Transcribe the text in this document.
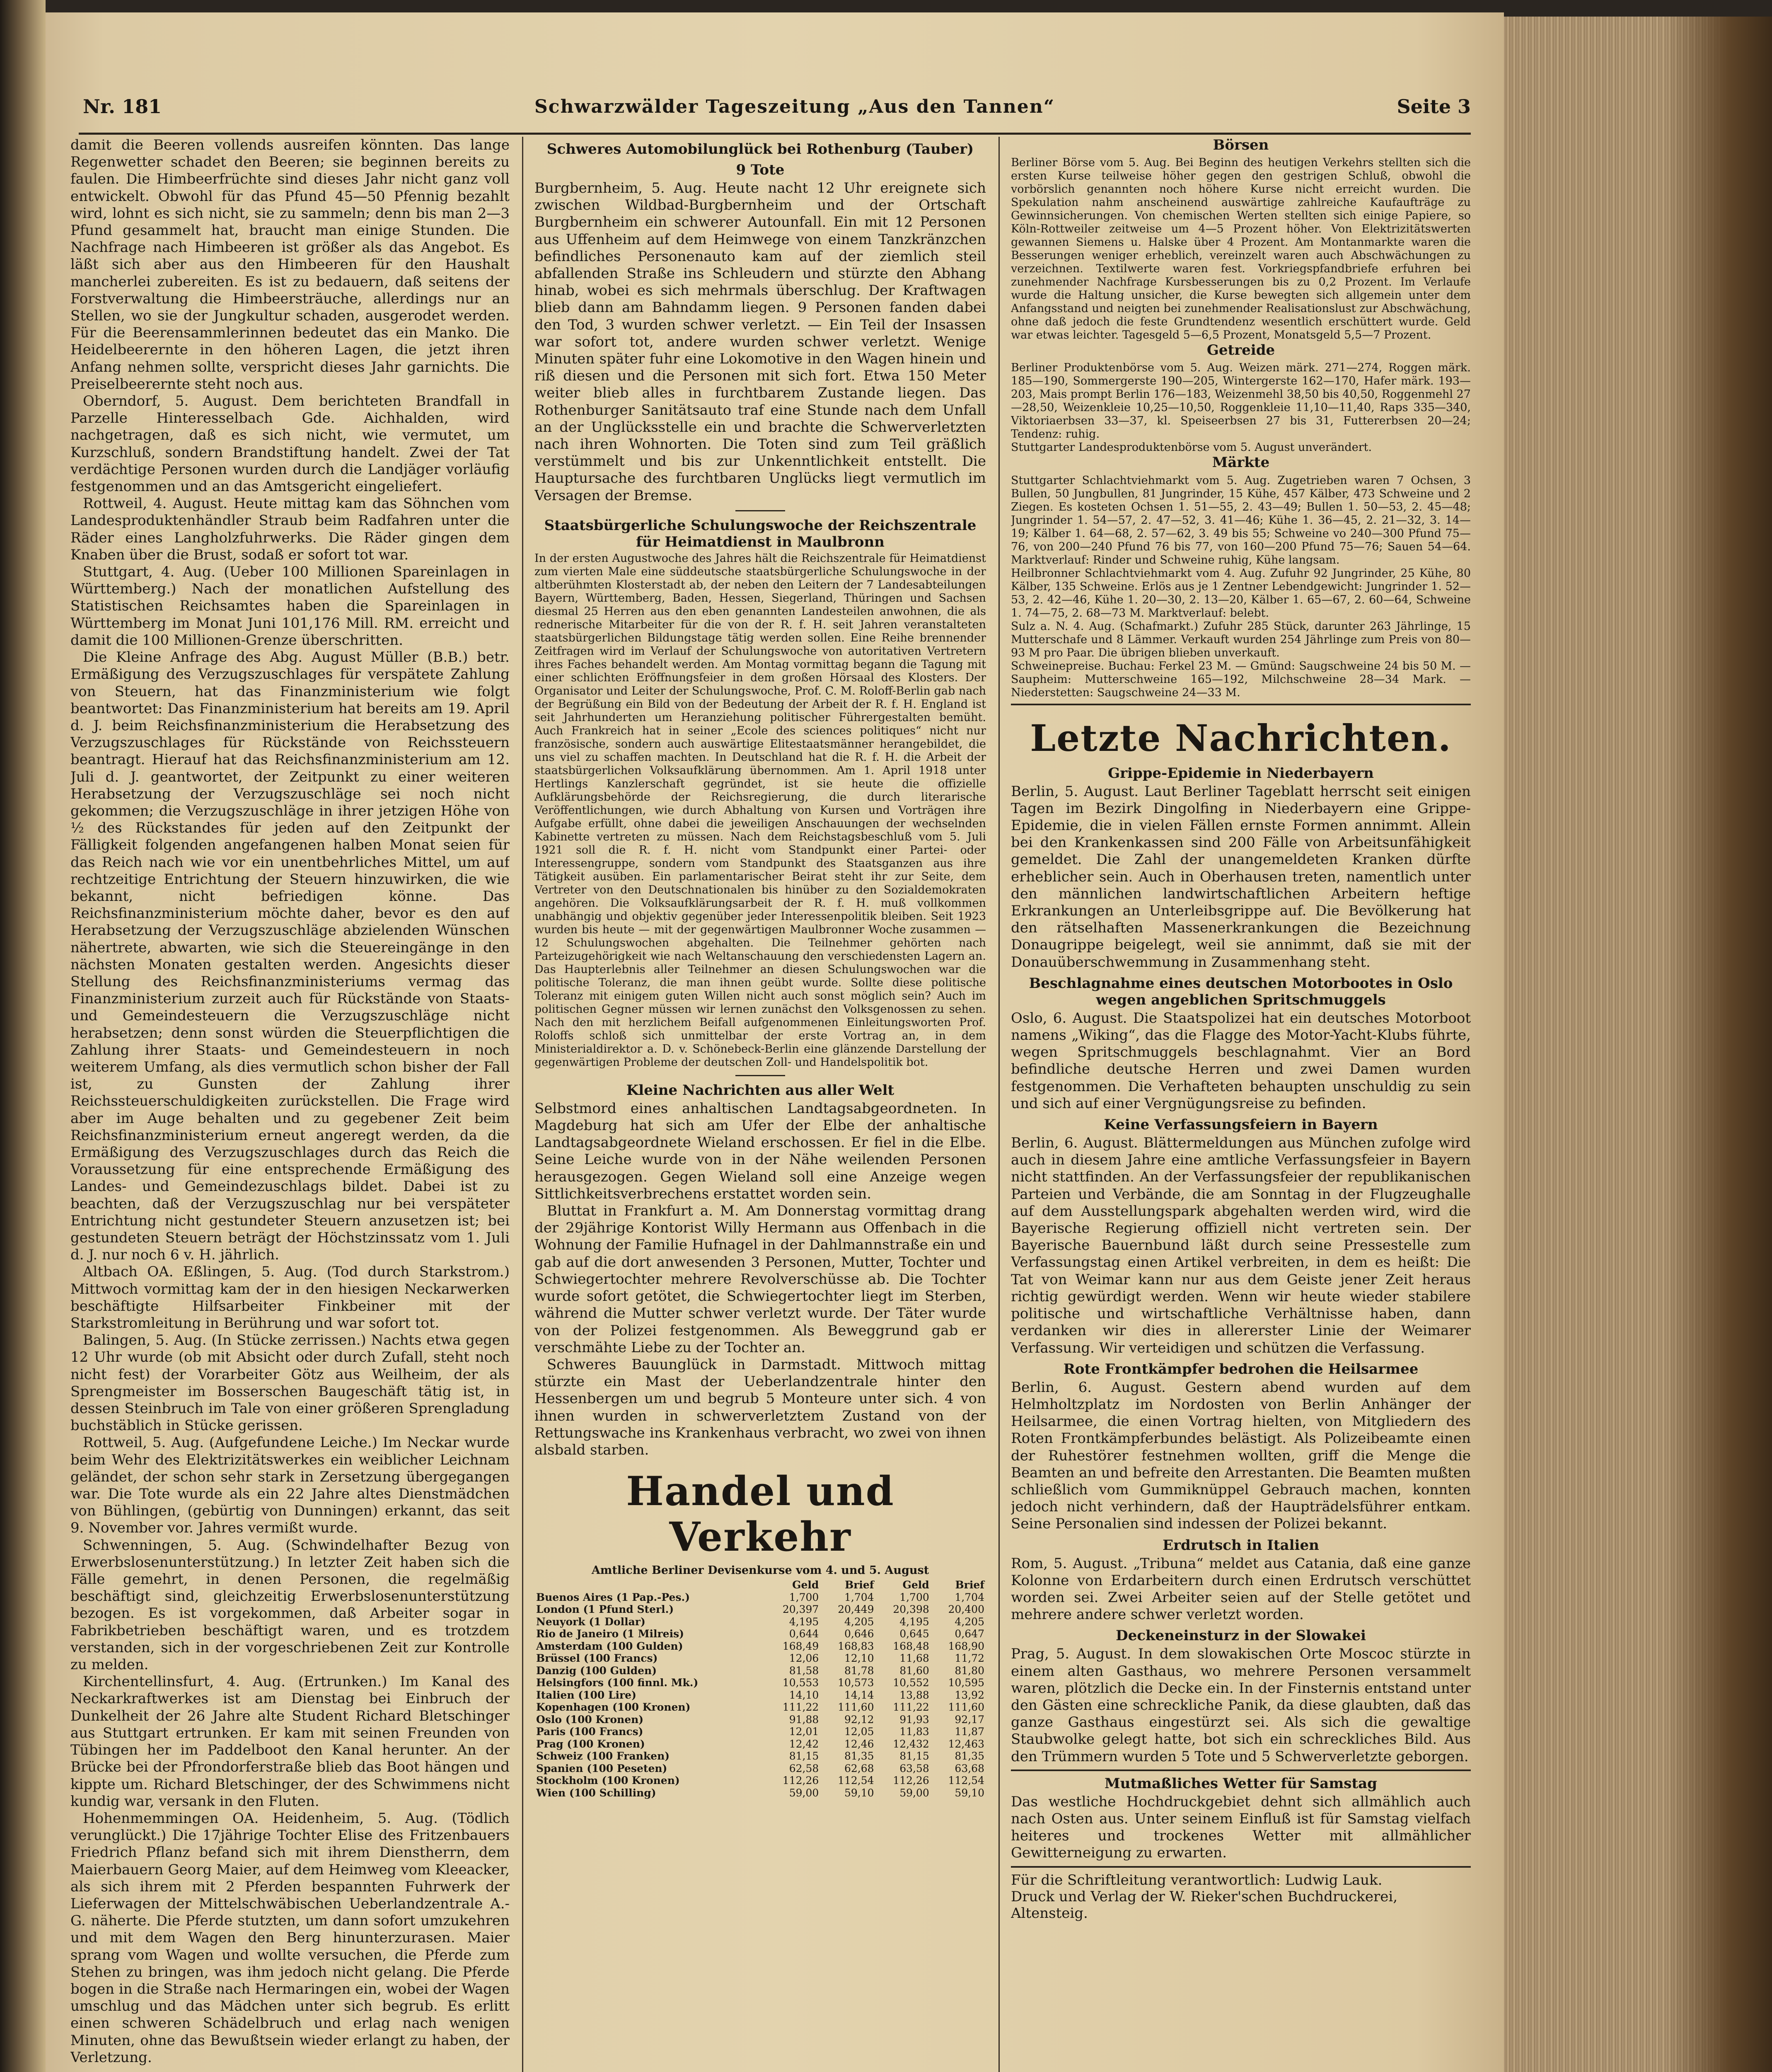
Nr. 181	Schwarzwälder Tageszeitung „Aus den Tannen“	Seite 3

damit die Beeren vollends ausreifen könnten. Das lange Regenwetter schadet den Beeren; sie beginnen bereits zu faulen. Die Himbeerfrüchte sind dieses Jahr nicht ganz voll entwickelt. Obwohl für das Pfund 45—50 Pfennig bezahlt wird, lohnt es sich nicht, sie zu sammeln; denn bis man 2—3 Pfund gesammelt hat, braucht man einige Stunden. Die Nachfrage nach Himbeeren ist größer als das Angebot. Es läßt sich aber aus den Himbeeren für den Haushalt mancherlei zubereiten. Es ist zu bedauern, daß seitens der Forstverwaltung die Himbeersträuche, allerdings nur an Stellen, wo sie der Jungkultur schaden, ausgerodet werden. Für die Beerensammlerinnen bedeutet das ein Manko. Die Heidelbeerernte in den höheren Lagen, die jetzt ihren Anfang nehmen sollte, verspricht dieses Jahr garnichts. Die Preiselbeerernte steht noch aus.

Oberndorf, 5. August. Dem berichteten Brandfall in Parzelle Hinteresselbach Gde. Aichhalden, wird nachgetragen, daß es sich nicht, wie vermutet, um Kurzschluß, sondern Brandstiftung handelt. Zwei der Tat verdächtige Personen wurden durch die Landjäger vorläufig festgenommen und an das Amtsgericht eingeliefert.

Rottweil, 4. August. Heute mittag kam das Söhnchen vom Landesproduktenhändler Straub beim Radfahren unter die Räder eines Langholzfuhrwerks. Die Räder gingen dem Knaben über die Brust, sodaß er sofort tot war.

Stuttgart, 4. Aug. (Ueber 100 Millionen Spareinlagen in Württemberg.) Nach der monatlichen Aufstellung des Statistischen Reichsamtes haben die Spareinlagen in Württemberg im Monat Juni 101,176 Mill. RM. erreicht und damit die 100 Millionen-Grenze überschritten.

Die Kleine Anfrage des Abg. August Müller (B.B.) betr. Ermäßigung des Verzugszuschlages für verspätete Zahlung von Steuern, hat das Finanzministerium wie folgt beantwortet: Das Finanzministerium hat bereits am 19. April d. J. beim Reichsfinanzministerium die Herabsetzung des Verzugszuschlages für Rückstände von Reichssteuern beantragt. Hierauf hat das Reichsfinanzministerium am 12. Juli d. J. geantwortet, der Zeitpunkt zu einer weiteren Herabsetzung der Verzugszuschläge sei noch nicht gekommen; die Verzugszuschläge in ihrer jetzigen Höhe von ½ des Rückstandes für jeden auf den Zeitpunkt der Fälligkeit folgenden angefangenen halben Monat seien für das Reich nach wie vor ein unentbehrliches Mittel, um auf rechtzeitige Entrichtung der Steuern hinzuwirken, die wie bekannt, nicht befriedigen könne. Das Reichsfinanzministerium möchte daher, bevor es den auf Herabsetzung der Verzugszuschläge abzielenden Wünschen nähertrete, abwarten, wie sich die Steuereingänge in den nächsten Monaten gestalten werden. Angesichts dieser Stellung des Reichsfinanzministeriums vermag das Finanzministerium zurzeit auch für Rückstände von Staats- und Gemeindesteuern die Verzugszuschläge nicht herabsetzen; denn sonst würden die Steuerpflichtigen die Zahlung ihrer Staats- und Gemeindesteuern in noch weiterem Umfang, als dies vermutlich schon bisher der Fall ist, zu Gunsten der Zahlung ihrer Reichssteuerschuldigkeiten zurückstellen. Die Frage wird aber im Auge behalten und zu gegebener Zeit beim Reichsfinanzministerium erneut angeregt werden, da die Ermäßigung des Verzugszuschlages durch das Reich die Voraussetzung für eine entsprechende Ermäßigung des Landes- und Gemeindezuschlags bildet. Dabei ist zu beachten, daß der Verzugszuschlag nur bei verspäteter Entrichtung nicht gestundeter Steuern anzusetzen ist; bei gestundeten Steuern beträgt der Höchstzinssatz vom 1. Juli d. J. nur noch 6 v. H. jährlich.

Altbach OA. Eßlingen, 5. Aug. (Tod durch Starkstrom.) Mittwoch vormittag kam der in den hiesigen Neckarwerken beschäftigte Hilfsarbeiter Finkbeiner mit der Starkstromleitung in Berührung und war sofort tot.

Balingen, 5. Aug. (In Stücke zerrissen.) Nachts etwa gegen 12 Uhr wurde (ob mit Absicht oder durch Zufall, steht noch nicht fest) der Vorarbeiter Götz aus Weilheim, der als Sprengmeister im Bosserschen Baugeschäft tätig ist, in dessen Steinbruch im Tale von einer größeren Sprengladung buchstäblich in Stücke gerissen.

Rottweil, 5. Aug. (Aufgefundene Leiche.) Im Neckar wurde beim Wehr des Elektrizitätswerkes ein weiblicher Leichnam geländet, der schon sehr stark in Zersetzung übergegangen war. Die Tote wurde als ein 22 Jahre altes Dienstmädchen von Bühlingen, (gebürtig von Dunningen) erkannt, das seit 9. November vor. Jahres vermißt wurde.

Schwenningen, 5. Aug. (Schwindelhafter Bezug von Erwerbslosenunterstützung.) In letzter Zeit haben sich die Fälle gemehrt, in denen Personen, die regelmäßig beschäftigt sind, gleichzeitig Erwerbslosenunterstützung bezogen. Es ist vorgekommen, daß Arbeiter sogar in Fabrikbetrieben beschäftigt waren, und es trotzdem verstanden, sich in der vorgeschriebenen Zeit zur Kontrolle zu melden.

Kirchentellinsfurt, 4. Aug. (Ertrunken.) Im Kanal des Neckarkraftwerkes ist am Dienstag bei Einbruch der Dunkelheit der 26 Jahre alte Student Richard Bletschinger aus Stuttgart ertrunken. Er kam mit seinen Freunden von Tübingen her im Paddelboot den Kanal herunter. An der Brücke bei der Pfrondorferstraße blieb das Boot hängen und kippte um. Richard Bletschinger, der des Schwimmens nicht kundig war, versank in den Fluten.

Hohenmemmingen OA. Heidenheim, 5. Aug. (Tödlich verunglückt.) Die 17jährige Tochter Elise des Fritzenbauers Friedrich Pflanz befand sich mit ihrem Dienstherrn, dem Maierbauern Georg Maier, auf dem Heimweg vom Kleeacker, als sich ihrem mit 2 Pferden bespannten Fuhrwerk der Lieferwagen der Mittelschwäbischen Ueberlandzentrale A.-G. näherte. Die Pferde stutzten, um dann sofort umzukehren und mit dem Wagen den Berg hinunterzurasen. Maier sprang vom Wagen und wollte versuchen, die Pferde zum Stehen zu bringen, was ihm jedoch nicht gelang. Die Pferde bogen in die Straße nach Hermaringen ein, wobei der Wagen umschlug und das Mädchen unter sich begrub. Es erlitt einen schweren Schädelbruch und erlag nach wenigen Minuten, ohne das Bewußtsein wieder erlangt zu haben, der Verletzung.

Schweres Automobilunglück bei Rothenburg (Tauber)
9 Tote

Burgbernheim, 5. Aug. Heute nacht 12 Uhr ereignete sich zwischen Wildbad-Burgbernheim und der Ortschaft Burgbernheim ein schwerer Autounfall. Ein mit 12 Personen aus Uffenheim auf dem Heimwege von einem Tanzkränzchen befindliches Personenauto kam auf der ziemlich steil abfallenden Straße ins Schleudern und stürzte den Abhang hinab, wobei es sich mehrmals überschlug. Der Kraftwagen blieb dann am Bahndamm liegen. 9 Personen fanden dabei den Tod, 3 wurden schwer verletzt. — Ein Teil der Insassen war sofort tot, andere wurden schwer verletzt. Wenige Minuten später fuhr eine Lokomotive in den Wagen hinein und riß diesen und die Personen mit sich fort. Etwa 150 Meter weiter blieb alles in furchtbarem Zustande liegen. Das Rothenburger Sanitätsauto traf eine Stunde nach dem Unfall an der Unglücksstelle ein und brachte die Schwerverletzten nach ihren Wohnorten. Die Toten sind zum Teil gräßlich verstümmelt und bis zur Unkenntlichkeit entstellt. Die Hauptursache des furchtbaren Unglücks liegt vermutlich im Versagen der Bremse.

Staatsbürgerliche Schulungswoche der Reichszentrale für Heimatdienst in Maulbronn

In der ersten Augustwoche des Jahres hält die Reichszentrale für Heimatdienst zum vierten Male eine süddeutsche staatsbürgerliche Schulungswoche in der altberühmten Klosterstadt ab, der neben den Leitern der 7 Landesabteilungen Bayern, Württemberg, Baden, Hessen, Siegerland, Thüringen und Sachsen diesmal 25 Herren aus den eben genannten Landesteilen anwohnen, die als rednerische Mitarbeiter für die von der R. f. H. seit Jahren veranstalteten staatsbürgerlichen Bildungstage tätig werden sollen. Eine Reihe brennender Zeitfragen wird im Verlauf der Schulungswoche von autoritativen Vertretern ihres Faches behandelt werden. Am Montag vormittag begann die Tagung mit einer schlichten Eröffnungsfeier in dem großen Hörsaal des Klosters. Der Organisator und Leiter der Schulungswoche, Prof. C. M. Roloff-Berlin gab nach der Begrüßung ein Bild von der Bedeutung der Arbeit der R. f. H. England ist seit Jahrhunderten um Heranziehung politischer Führergestalten bemüht. Auch Frankreich hat in seiner „Ecole des sciences politiques“ nicht nur französische, sondern auch auswärtige Elitestaatsmänner herangebildet, die uns viel zu schaffen machten. In Deutschland hat die R. f. H. die Arbeit der staatsbürgerlichen Volksaufklärung übernommen. Am 1. April 1918 unter Hertlings Kanzlerschaft gegründet, ist sie heute die offizielle Aufklärungsbehörde der Reichsregierung, die durch literarische Veröffentlichungen, wie durch Abhaltung von Kursen und Vorträgen ihre Aufgabe erfüllt, ohne dabei die jeweiligen Anschauungen der wechselnden Kabinette vertreten zu müssen. Nach dem Reichstagsbeschluß vom 5. Juli 1921 soll die R. f. H. nicht vom Standpunkt einer Partei- oder Interessengruppe, sondern vom Standpunkt des Staatsganzen aus ihre Tätigkeit ausüben. Ein parlamentarischer Beirat steht ihr zur Seite, dem Vertreter von den Deutschnationalen bis hinüber zu den Sozialdemokraten angehören. Die Volksaufklärungsarbeit der R. f. H. muß vollkommen unabhängig und objektiv gegenüber jeder Interessenpolitik bleiben. Seit 1923 wurden bis heute — mit der gegenwärtigen Maulbronner Woche zusammen — 12 Schulungswochen abgehalten. Die Teilnehmer gehörten nach Parteizugehörigkeit wie nach Weltanschauung den verschiedensten Lagern an. Das Haupterlebnis aller Teilnehmer an diesen Schulungswochen war die politische Toleranz, die man ihnen geübt wurde. Sollte diese politische Toleranz mit einigem guten Willen nicht auch sonst möglich sein? Auch im politischen Gegner müssen wir lernen zunächst den Volksgenossen zu sehen. Nach den mit herzlichem Beifall aufgenommenen Einleitungsworten Prof. Roloffs schloß sich unmittelbar der erste Vortrag an, in dem Ministerialdirektor a. D. v. Schönebeck-Berlin eine glänzende Darstellung der gegenwärtigen Probleme der deutschen Zoll- und Handelspolitik bot.

Kleine Nachrichten aus aller Welt

Selbstmord eines anhaltischen Landtagsabgeordneten. In Magdeburg hat sich am Ufer der Elbe der anhaltische Landtagsabgeordnete Wieland erschossen. Er fiel in die Elbe. Seine Leiche wurde von in der Nähe weilenden Personen herausgezogen. Gegen Wieland soll eine Anzeige wegen Sittlichkeitsverbrechens erstattet worden sein.

Bluttat in Frankfurt a. M. Am Donnerstag vormittag drang der 29jährige Kontorist Willy Hermann aus Offenbach in die Wohnung der Familie Hufnagel in der Dahlmannstraße ein und gab auf die dort anwesenden 3 Personen, Mutter, Tochter und Schwiegertochter mehrere Revolverschüsse ab. Die Tochter wurde sofort getötet, die Schwiegertochter liegt im Sterben, während die Mutter schwer verletzt wurde. Der Täter wurde von der Polizei festgenommen. Als Beweggrund gab er verschmähte Liebe zu der Tochter an.

Schweres Bauunglück in Darmstadt. Mittwoch mittag stürzte ein Mast der Ueberlandzentrale hinter den Hessenbergen um und begrub 5 Monteure unter sich. 4 von ihnen wurden in schwerverletztem Zustand von der Rettungswache ins Krankenhaus verbracht, wo zwei von ihnen alsbald starben.

Handel und Verkehr
Amtliche Berliner Devisenkurse vom 4. und 5. August
	Geld	Brief	Geld	Brief
Buenos Aires (1 Pap.-Pes.)	1,700	1,704	1,700	1,704
London (1 Pfund Sterl.)	20,397	20,449	20,398	20,400
Neuyork (1 Dollar)	4,195	4,205	4,195	4,205
Rio de Janeiro (1 Milreis)	0,644	0,646	0,645	0,647
Amsterdam (100 Gulden)	168,49	168,83	168,48	168,90
Brüssel (100 Francs)	12,06	12,10	11,68	11,72
Danzig (100 Gulden)	81,58	81,78	81,60	81,80
Helsingfors (100 finnl. Mk.)	10,553	10,573	10,552	10,595
Italien (100 Lire)	14,10	14,14	13,88	13,92
Kopenhagen (100 Kronen)	111,22	111,60	111,22	111,60
Oslo (100 Kronen)	91,88	92,12	91,93	92,17
Paris (100 Francs)	12,01	12,05	11,83	11,87
Prag (100 Kronen)	12,42	12,46	12,432	12,463
Schweiz (100 Franken)	81,15	81,35	81,15	81,35
Spanien (100 Peseten)	62,58	62,68	63,58	63,68
Stockholm (100 Kronen)	112,26	112,54	112,26	112,54
Wien (100 Schilling)	59,00	59,10	59,00	59,10
Börsen

Berliner Börse vom 5. Aug. Bei Beginn des heutigen Verkehrs stellten sich die ersten Kurse teilweise höher gegen den gestrigen Schluß, obwohl die vorbörslich genannten noch höhere Kurse nicht erreicht wurden. Die Spekulation nahm anscheinend auswärtige zahlreiche Kaufaufträge zu Gewinnsicherungen. Von chemischen Werten stellten sich einige Papiere, so Köln-Rottweiler zeitweise um 4—5 Prozent höher. Von Elektrizitätswerten gewannen Siemens u. Halske über 4 Prozent. Am Montanmarkte waren die Besserungen weniger erheblich, vereinzelt waren auch Abschwächungen zu verzeichnen. Textilwerte waren fest. Vorkriegspfandbriefe erfuhren bei zunehmender Nachfrage Kursbesserungen bis zu 0,2 Prozent. Im Verlaufe wurde die Haltung unsicher, die Kurse bewegten sich allgemein unter dem Anfangsstand und neigten bei zunehmender Realisationslust zur Abschwächung, ohne daß jedoch die feste Grundtendenz wesentlich erschüttert wurde. Geld war etwas leichter. Tagesgeld 5—6,5 Prozent, Monatsgeld 5,5—7 Prozent.

Getreide

Berliner Produktenbörse vom 5. Aug. Weizen märk. 271—274, Roggen märk. 185—190, Sommergerste 190—205, Wintergerste 162—170, Hafer märk. 193—203, Mais prompt Berlin 176—183, Weizenmehl 38,50 bis 40,50, Roggenmehl 27—28,50, Weizenkleie 10,25—10,50, Roggenkleie 11,10—11,40, Raps 335—340, Viktoriaerbsen 33—37, kl. Speiseerbsen 27 bis 31, Futtererbsen 20—24; Tendenz: ruhig.
Stuttgarter Landesproduktenbörse vom 5. August unverändert.

Märkte

Stuttgarter Schlachtviehmarkt vom 5. Aug. Zugetrieben waren 7 Ochsen, 3 Bullen, 50 Jungbullen, 81 Jungrinder, 15 Kühe, 457 Kälber, 473 Schweine und 2 Ziegen. Es kosteten Ochsen 1. 51—55, 2. 43—49; Bullen 1. 50—53, 2. 45—48; Jungrinder 1. 54—57, 2. 47—52, 3. 41—46; Kühe 1. 36—45, 2. 21—32, 3. 14—19; Kälber 1. 64—68, 2. 57—62, 3. 49 bis 55; Schweine vo 240—300 Pfund 75—76, von 200—240 Pfund 76 bis 77, von 160—200 Pfund 75—76; Sauen 54—64. Marktverlauf: Rinder und Schweine ruhig, Kühe langsam.
Heilbronner Schlachtviehmarkt vom 4. Aug. Zufuhr 92 Jungrinder, 25 Kühe, 80 Kälber, 135 Schweine. Erlös aus je 1 Zentner Lebendgewicht: Jungrinder 1. 52—53, 2. 42—46, Kühe 1. 20—30, 2. 13—20, Kälber 1. 65—67, 2. 60—64, Schweine 1. 74—75, 2. 68—73 M. Marktverlauf: belebt.
Sulz a. N. 4. Aug. (Schafmarkt.) Zufuhr 285 Stück, darunter 263 Jährlinge, 15 Mutterschafe und 8 Lämmer. Verkauft wurden 254 Jährlinge zum Preis von 80—93 M pro Paar. Die übrigen blieben unverkauft.
Schweinepreise. Buchau: Ferkel 23 M. — Gmünd: Saugschweine 24 bis 50 M. — Saupheim: Mutterschweine 165—192, Milchschweine 28—34 Mark. — Niederstetten: Saugschweine 24—33 M.

Letzte Nachrichten.
Grippe-Epidemie in Niederbayern

Berlin, 5. August. Laut Berliner Tageblatt herrscht seit einigen Tagen im Bezirk Dingolfing in Niederbayern eine Grippe-Epidemie, die in vielen Fällen ernste Formen annimmt. Allein bei den Krankenkassen sind 200 Fälle von Arbeitsunfähigkeit gemeldet. Die Zahl der unangemeldeten Kranken dürfte erheblicher sein. Auch in Oberhausen treten, namentlich unter den männlichen landwirtschaftlichen Arbeitern heftige Erkrankungen an Unterleibsgrippe auf. Die Bevölkerung hat den rätselhaften Massenerkrankungen die Bezeichnung Donaugrippe beigelegt, weil sie annimmt, daß sie mit der Donauüberschwemmung in Zusammenhang steht.

Beschlagnahme eines deutschen Motorbootes in Oslo wegen angeblichen Spritschmuggels

Oslo, 6. August. Die Staatspolizei hat ein deutsches Motorboot namens „Wiking“, das die Flagge des Motor-Yacht-Klubs führte, wegen Spritschmuggels beschlagnahmt. Vier an Bord befindliche deutsche Herren und zwei Damen wurden festgenommen. Die Verhafteten behaupten unschuldig zu sein und sich auf einer Vergnügungsreise zu befinden.

Keine Verfassungsfeiern in Bayern

Berlin, 6. August. Blättermeldungen aus München zufolge wird auch in diesem Jahre eine amtliche Verfassungsfeier in Bayern nicht stattfinden. An der Verfassungsfeier der republikanischen Parteien und Verbände, die am Sonntag in der Flugzeughalle auf dem Ausstellungspark abgehalten werden wird, wird die Bayerische Regierung offiziell nicht vertreten sein. Der Bayerische Bauernbund läßt durch seine Pressestelle zum Verfassungstag einen Artikel verbreiten, in dem es heißt: Die Tat von Weimar kann nur aus dem Geiste jener Zeit heraus richtig gewürdigt werden. Wenn wir heute wieder stabilere politische und wirtschaftliche Verhältnisse haben, dann verdanken wir dies in allererster Linie der Weimarer Verfassung. Wir verteidigen und schützen die Verfassung.

Rote Frontkämpfer bedrohen die Heilsarmee

Berlin, 6. August. Gestern abend wurden auf dem Helmholtzplatz im Nordosten von Berlin Anhänger der Heilsarmee, die einen Vortrag hielten, von Mitgliedern des Roten Frontkämpferbundes belästigt. Als Polizeibeamte einen der Ruhestörer festnehmen wollten, griff die Menge die Beamten an und befreite den Arrestanten. Die Beamten mußten schließlich vom Gummiknüppel Gebrauch machen, konnten jedoch nicht verhindern, daß der Haupträdelsführer entkam. Seine Personalien sind indessen der Polizei bekannt.

Erdrutsch in Italien

Rom, 5. August. „Tribuna“ meldet aus Catania, daß eine ganze Kolonne von Erdarbeitern durch einen Erdrutsch verschüttet worden sei. Zwei Arbeiter seien auf der Stelle getötet und mehrere andere schwer verletzt worden.

Deckeneinsturz in der Slowakei

Prag, 5. August. In dem slowakischen Orte Moscoc stürzte in einem alten Gasthaus, wo mehrere Personen versammelt waren, plötzlich die Decke ein. In der Finsternis entstand unter den Gästen eine schreckliche Panik, da diese glaubten, daß das ganze Gasthaus eingestürzt sei. Als sich die gewaltige Staubwolke gelegt hatte, bot sich ein schreckliches Bild. Aus den Trümmern wurden 5 Tote und 5 Schwerverletzte geborgen.

Mutmaßliches Wetter für Samstag

Das westliche Hochdruckgebiet dehnt sich allmählich auch nach Osten aus. Unter seinem Einfluß ist für Samstag vielfach heiteres und trockenes Wetter mit allmählicher Gewitterneigung zu erwarten.

Für die Schriftleitung verantwortlich: Ludwig Lauk.
Druck und Verlag der W. Rieker'schen Buchdruckerei, Altensteig.
